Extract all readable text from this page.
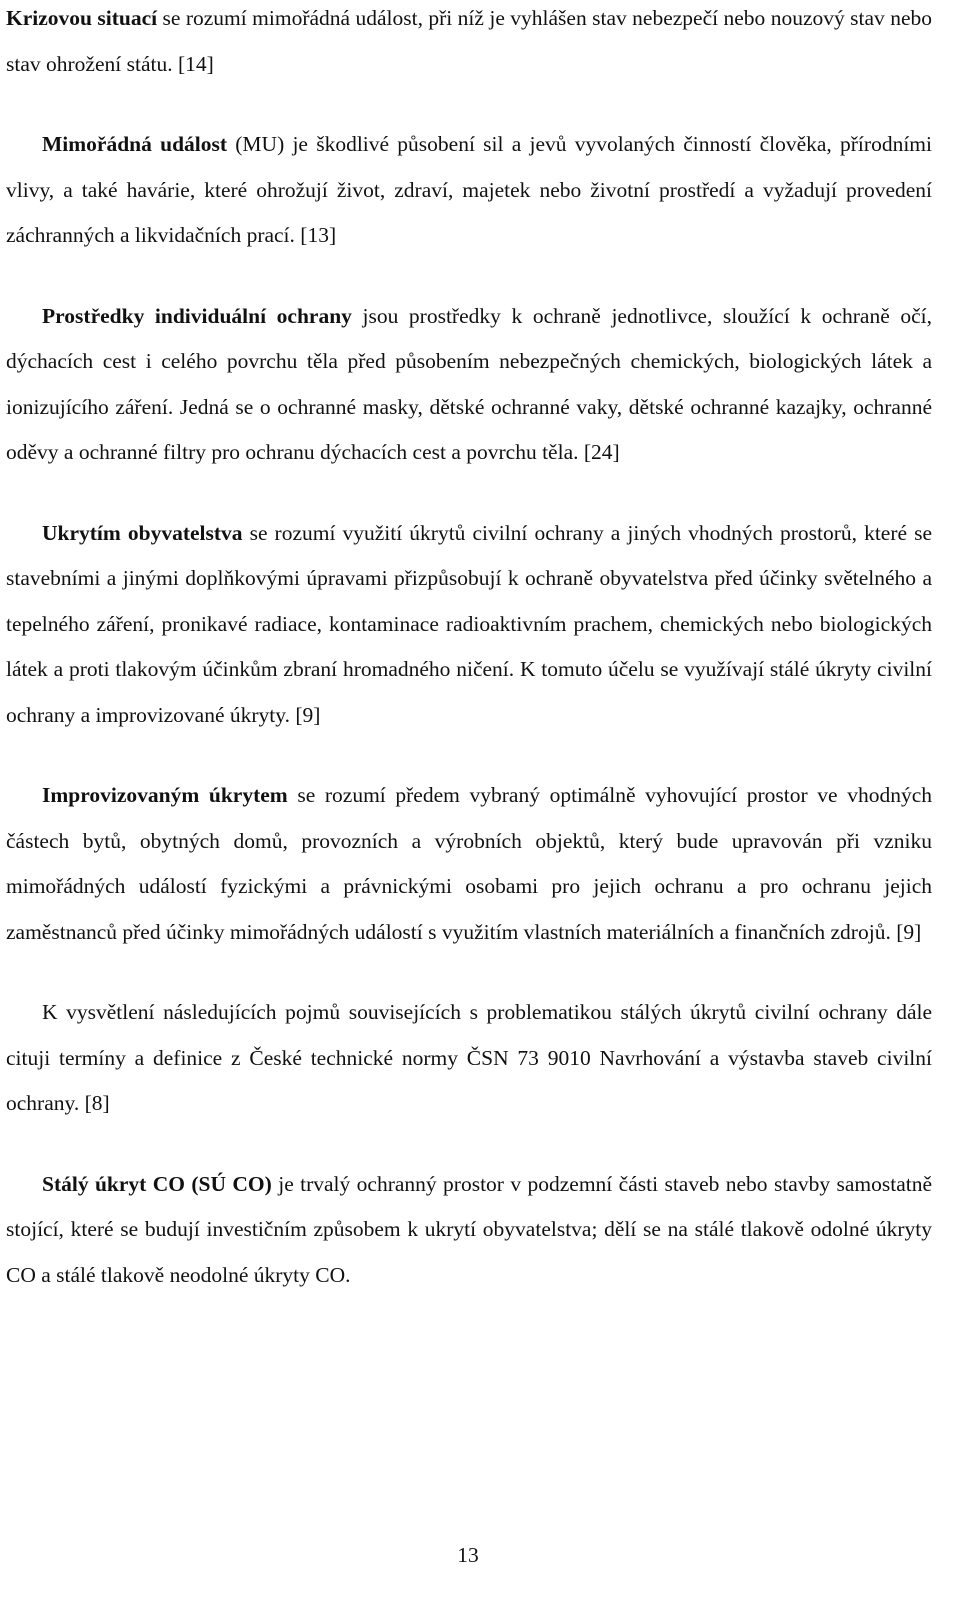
Krizovou situací se rozumí mimořádná událost, při níž je vyhlášen stav nebezpečí nebo nouzový stav nebo stav ohrožení státu. [14]

Mimořádná událost (MU) je škodlivé působení sil a jevů vyvolaných činností člověka, přírodními vlivy, a také havárie, které ohrožují život, zdraví, majetek nebo životní prostředí a vyžadují provedení záchranných a likvidačních prací. [13]

Prostředky individuální ochrany jsou prostředky k ochraně jednotlivce, sloužící k ochraně očí, dýchacích cest i celého povrchu těla před působením nebezpečných chemických, biologických látek a ionizujícího záření. Jedná se o ochranné masky, dětské ochranné vaky, dětské ochranné kazajky, ochranné oděvy a ochranné filtry pro ochranu dýchacích cest a povrchu těla. [24]

Ukrytím obyvatelstva se rozumí využití úkrytů civilní ochrany a jiných vhodných prostorů, které se stavebními a jinými doplňkovými úpravami přizpůsobují k ochraně obyvatelstva před účinky světelného a tepelného záření, pronikavé radiace, kontaminace radioaktivním prachem, chemických nebo biologických látek a proti tlakovým účinkům zbraní hromadného ničení. K tomuto účelu se využívají stálé úkryty civilní ochrany a improvizované úkryty. [9]

Improvizovaným úkrytem se rozumí předem vybraný optimálně vyhovující prostor ve vhodných částech bytů, obytných domů, provozních a výrobních objektů, který bude upravován při vzniku mimořádných událostí fyzickými a právnickými osobami pro jejich ochranu a pro ochranu jejich zaměstnanců před účinky mimořádných událostí s využitím vlastních materiálních a finančních zdrojů. [9]

K vysvětlení následujících pojmů souvisejících s problematikou stálých úkrytů civilní ochrany dále cituji termíny a definice z České technické normy ČSN 73 9010 Navrhování a výstavba staveb civilní ochrany. [8]

Stálý úkryt CO (SÚ CO) je trvalý ochranný prostor v podzemní části staveb nebo stavby samostatně stojící, které se budují investičním způsobem k ukrytí obyvatelstva; dělí se na stálé tlakově odolné úkryty CO a stálé tlakově neodolné úkryty CO.

13
